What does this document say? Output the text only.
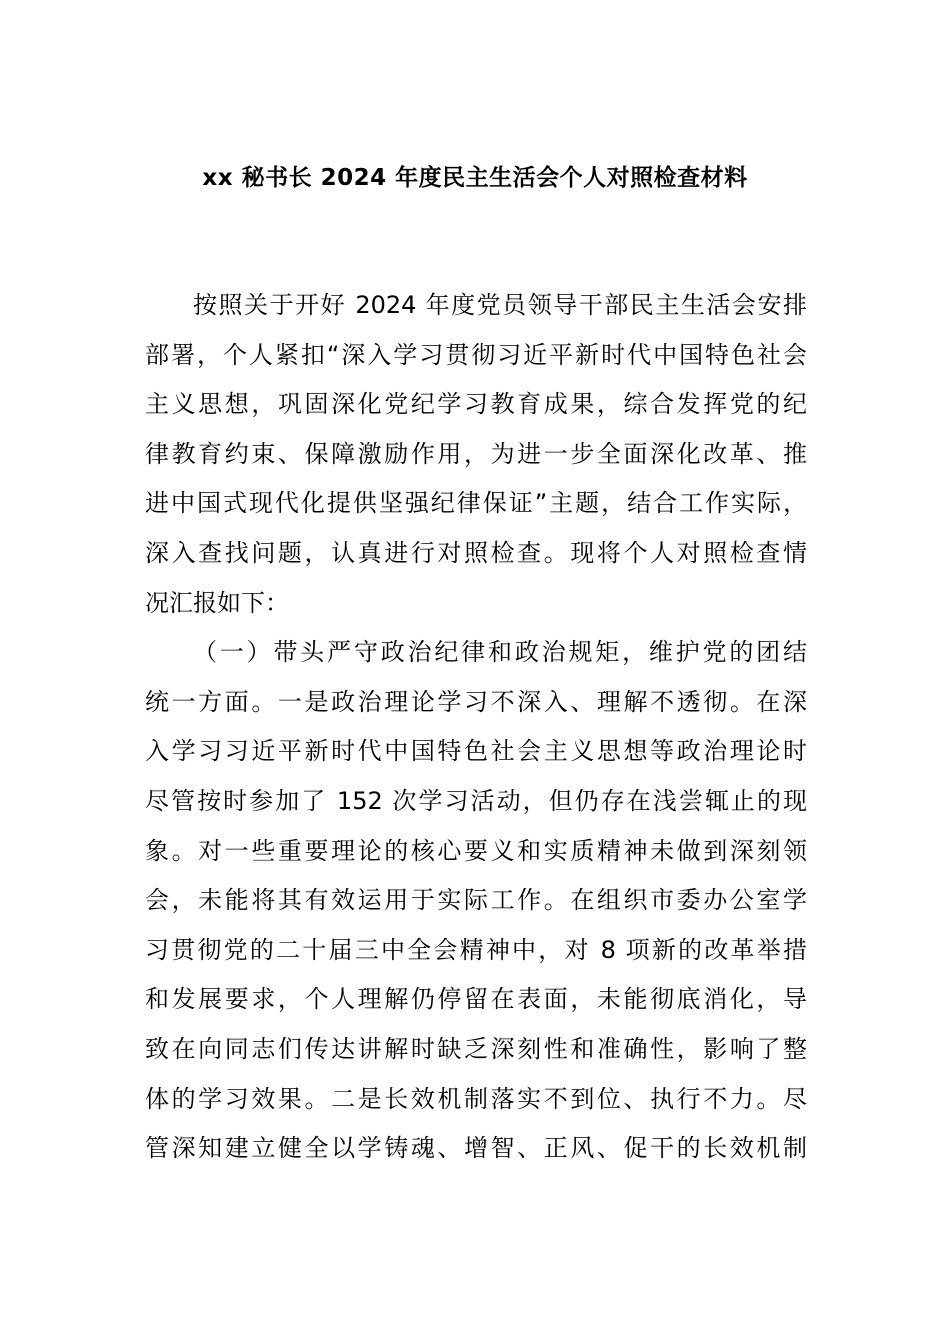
xx 秘书长 2024 年度民主生活会个人对照检查材料
按照关于开好 2024 年度党员领导干部民主生活会安排
部署，个人紧扣“深入学习贯彻习近平新时代中国特色社会
主义思想，巩固深化党纪学习教育成果，综合发挥党的纪
律教育约束、保障激励作用，为进一步全面深化改革、推
进中国式现代化提供坚强纪律保证”主题，结合工作实际，
深入查找问题，认真进行对照检查。现将个人对照检查情
况汇报如下：
（一）带头严守政治纪律和政治规矩，维护党的团结
统一方面。一是政治理论学习不深入、理解不透彻。在深
入学习习近平新时代中国特色社会主义思想等政治理论时
尽管按时参加了 152 次学习活动，但仍存在浅尝辄止的现
象。对一些重要理论的核心要义和实质精神未做到深刻领
会，未能将其有效运用于实际工作。在组织市委办公室学
习贯彻党的二十届三中全会精神中，对 8 项新的改革举措
和发展要求，个人理解仍停留在表面，未能彻底消化，导
致在向同志们传达讲解时缺乏深刻性和准确性，影响了整
体的学习效果。二是长效机制落实不到位、执行不力。尽
管深知建立健全以学铸魂、增智、正风、促干的长效机制
